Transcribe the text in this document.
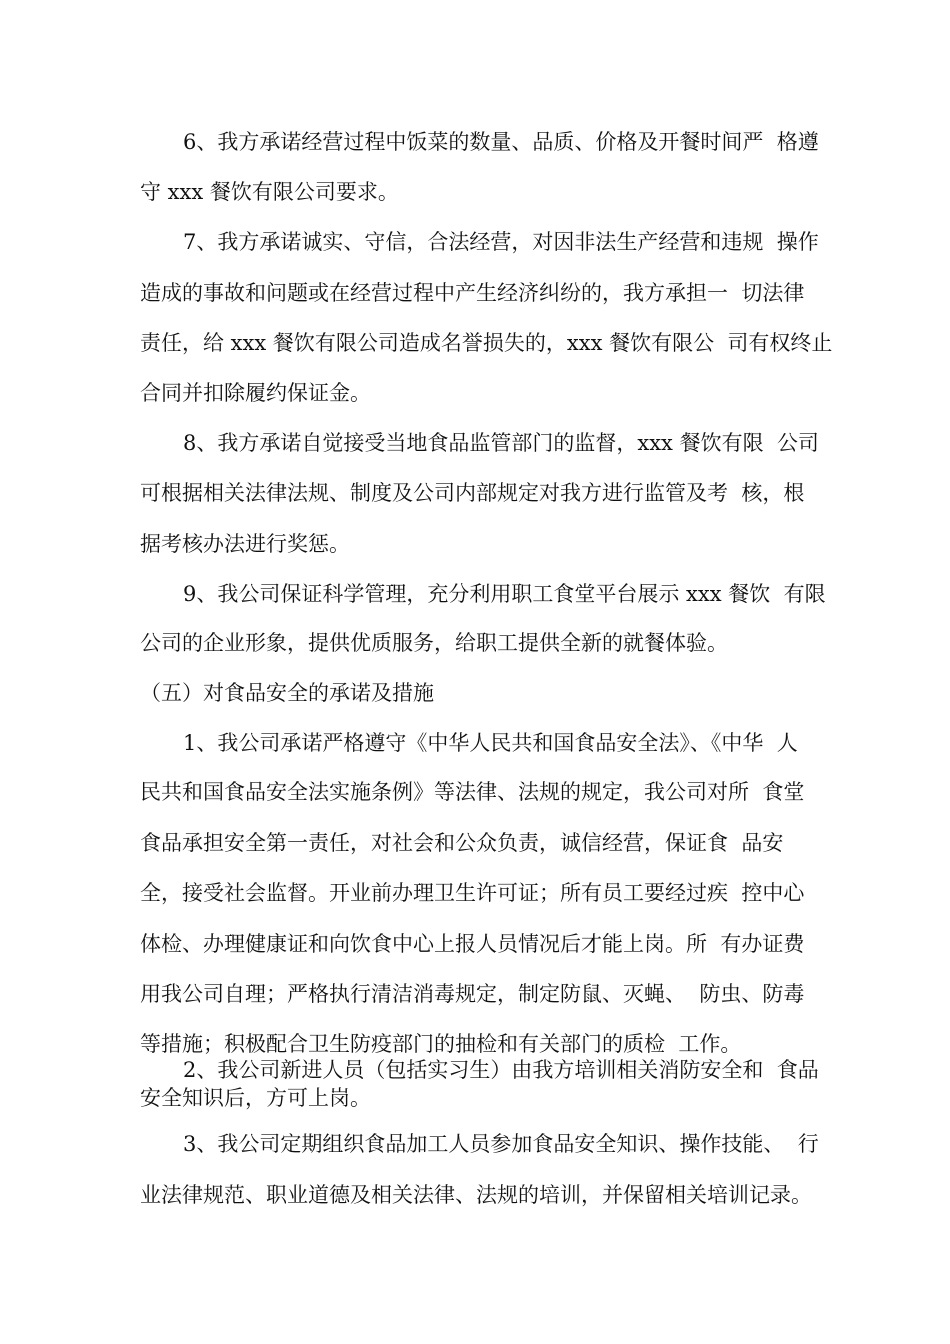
6、我方承诺经营过程中饭菜的数量、品质、价格及开餐时间严  格遵

守 xxx 餐饮有限公司要求。

7、我方承诺诚实、守信，合法经营，对因非法生产经营和违规  操作

造成的事故和问题或在经营过程中产生经济纠纷的，我方承担一  切法律

责任，给 xxx 餐饮有限公司造成名誉损失的，xxx 餐饮有限公  司有权终止

合同并扣除履约保证金。

8、我方承诺自觉接受当地食品监管部门的监督，xxx 餐饮有限  公司

可根据相关法律法规、制度及公司内部规定对我方进行监管及考  核，根

据考核办法进行奖惩。

9、我公司保证科学管理，充分利用职工食堂平台展示 xxx 餐饮  有限

公司的企业形象，提供优质服务，给职工提供全新的就餐体验。

（五）对食品安全的承诺及措施

1、我公司承诺严格遵守《中华人民共和国食品安全法》、《中华  人

民共和国食品安全法实施条例》等法律、法规的规定，我公司对所  食堂

食品承担安全第一责任，对社会和公众负责，诚信经营，保证食  品安

全，接受社会监督。开业前办理卫生许可证；所有员工要经过疾  控中心

体检、办理健康证和向饮食中心上报人员情况后才能上岗。所  有办证费

用我公司自理；严格执行清洁消毒规定，制定防鼠、灭蝇、  防虫、防毒

等措施；积极配合卫生防疫部门的抽检和有关部门的质检  工作。

2、我公司新进人员（包括实习生）由我方培训相关消防安全和  食品

安全知识后，方可上岗。

3、我公司定期组织食品加工人员参加食品安全知识、操作技能、  行

业法律规范、职业道德及相关法律、法规的培训，并保留相关培训记录。
